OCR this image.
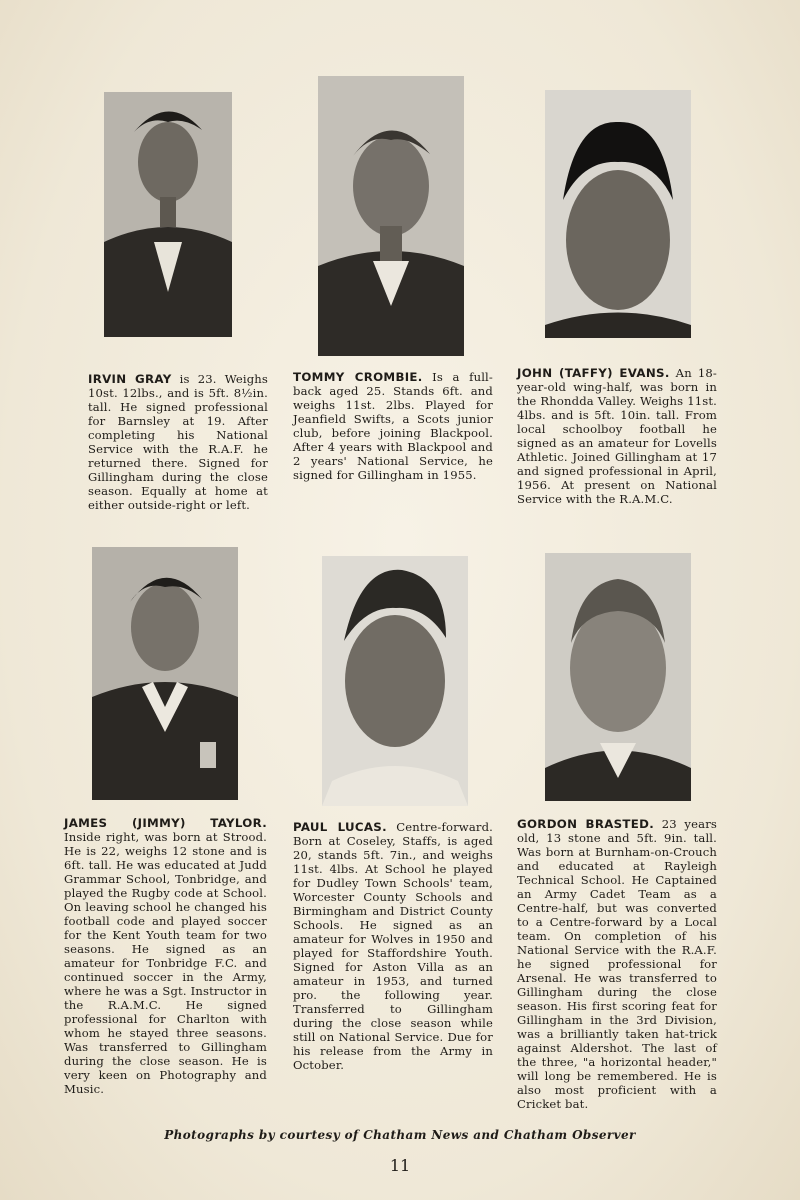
IRVIN GRAY is 23. Weighs 10st. 12lbs., and is 5ft. 8½in. tall. He signed professional for Barnsley at 19. After completing his National Service with the R.A.F. he returned there. Signed for Gillingham during the close season. Equally at home at either outside-right or left.
TOMMY CROMBIE. Is a full-back aged 25. Stands 6ft. and weighs 11st. 2lbs. Played for Jeanfield Swifts, a Scots junior club, before joining Blackpool. After 4 years with Blackpool and 2 years' National Service, he signed for Gillingham in 1955.
JOHN (TAFFY) EVANS. An 18-year-old wing-half, was born in the Rhondda Valley. Weighs 11st. 4lbs. and is 5ft. 10in. tall. From local schoolboy football he signed as an amateur for Lovells Athletic. Joined Gillingham at 17 and signed professional in April, 1956. At present on National Service with the R.A.M.C.
JAMES (JIMMY) TAYLOR. Inside right, was born at Strood. He is 22, weighs 12 stone and is 6ft. tall. He was educated at Judd Grammar School, Tonbridge, and played the Rugby code at School. On leaving school he changed his football code and played soccer for the Kent Youth team for two seasons. He signed as an amateur for Tonbridge F.C. and continued soccer in the Army, where he was a Sgt. Instructor in the R.A.M.C. He signed professional for Charlton with whom he stayed three seasons. Was transferred to Gillingham during the close season. He is very keen on Photography and Music.
PAUL LUCAS. Centre-forward. Born at Coseley, Staffs, is aged 20, stands 5ft. 7in., and weighs 11st. 4lbs. At School he played for Dudley Town Schools' team, Worcester County Schools and Birmingham and District County Schools. He signed as an amateur for Wolves in 1950 and played for Staffordshire Youth. Signed for Aston Villa as an amateur in 1953, and turned pro. the following year. Transferred to Gillingham during the close season while still on National Service. Due for his release from the Army in October.
GORDON BRASTED. 23 years old, 13 stone and 5ft. 9in. tall. Was born at Burnham-on-Crouch and educated at Rayleigh Technical School. He Captained an Army Cadet Team as a Centre-half, but was converted to a Centre-forward by a Local team. On completion of his National Service with the R.A.F. he signed professional for Arsenal. He was transferred to Gillingham during the close season. His first scoring feat for Gillingham in the 3rd Division, was a brilliantly taken hat-trick against Aldershot. The last of the three, "a horizontal header," will long be remembered. He is also most proficient with a Cricket bat.
Photographs by courtesy of Chatham News and Chatham Observer
11
